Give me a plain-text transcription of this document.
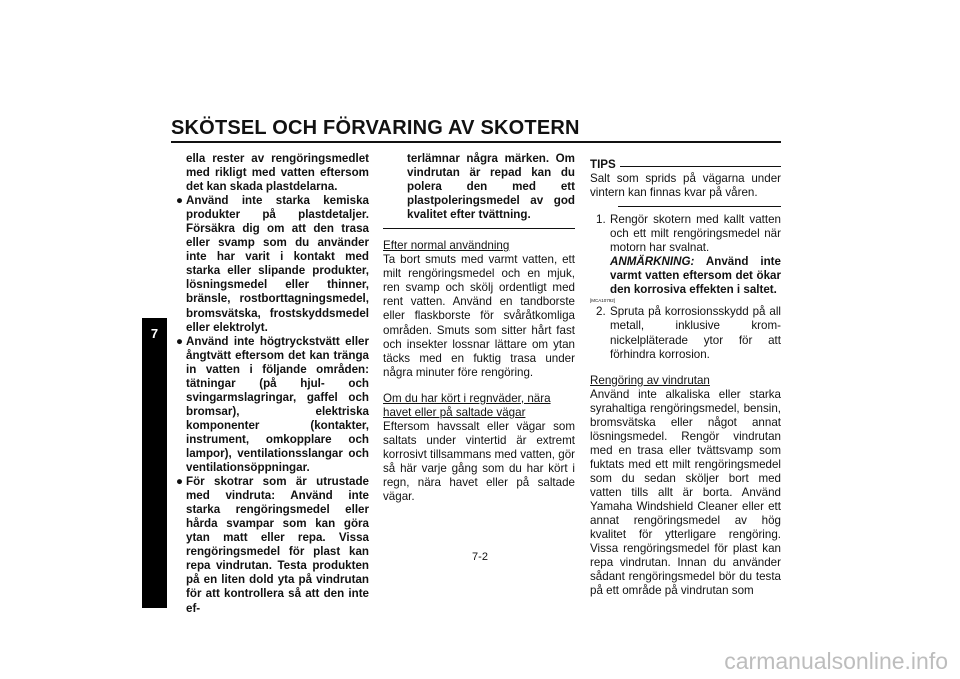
SKÖTSEL OCH FÖRVARING AV SKOTERN
7

ella rester av rengöringsmedlet med rikligt med vatten eftersom det kan skada plastdelarna.

● Använd inte starka kemiska produkter på plastdetaljer. Försäkra dig om att den trasa eller svamp som du använder inte har varit i kontakt med starka eller slipande produkter, lösningsmedel eller thinner, bränsle, rostborttagningsmedel, bromsvätska, frostskyddsmedel eller elektrolyt.

● Använd inte högtryckstvätt eller ångtvätt eftersom det kan tränga in vatten i följande områden: tätningar (på hjul- och svingarmslagringar, gaffel och bromsar), elektriska komponenter (kontakter, instrument, omkopplare och lampor), ventilationsslangar och ventilationsöppningar.

● För skotrar som är utrustade med vindruta: Använd inte starka rengöringsmedel eller hårda svampar som kan göra ytan matt eller repa. Vissa rengöringsmedel för plast kan repa vindrutan. Testa produkten på en liten dold yta på vindrutan för att kontrollera så att den inte ef-

terlämnar några märken. Om vindrutan är repad kan du polera den med ett plastpoleringsmedel av god kvalitet efter tvättning.

Efter normal användning

Ta bort smuts med varmt vatten, ett milt rengöringsmedel och en mjuk, ren svamp och skölj ordentligt med rent vatten. Använd en tandborste eller flaskborste för svåråtkomliga områden. Smuts som sitter hårt fast och insekter lossnar lättare om ytan täcks med en fuktig trasa under några minuter före rengöring.

Om du har kört i regnväder, nära havet eller på saltade vägar

Eftersom havssalt eller vägar som saltats under vintertid är extremt korrosivt tillsammans med vatten, gör så här varje gång som du har kört i regn, nära havet eller på saltade vägar.

TIPS

Salt som sprids på vägarna under vintern kan finnas kvar på våren.

1. Rengör skotern med kallt vatten och ett milt rengöringsmedel när motorn har svalnat.

ANMÄRKNING: Använd inte varmt vatten eftersom det ökar den korrosiva effekten i saltet.

[MCA10792]

2. Spruta på korrosionsskydd på all metall, inklusive krom-nickelpläterade ytor för att förhindra korrosion.

Rengöring av vindrutan

Använd inte alkaliska eller starka syrahaltiga rengöringsmedel, bensin, bromsvätska eller något annat lösningsmedel. Rengör vindrutan med en trasa eller tvättsvamp som fuktats med ett milt rengöringsmedel som du sedan sköljer bort med vatten tills allt är borta. Använd Yamaha Windshield Cleaner eller ett annat rengöringsmedel av hög kvalitet för ytterligare rengöring. Vissa rengöringsmedel för plast kan repa vindrutan. Innan du använder sådant rengöringsmedel bör du testa på ett område på vindrutan som

7-2
carmanualsonline.info
